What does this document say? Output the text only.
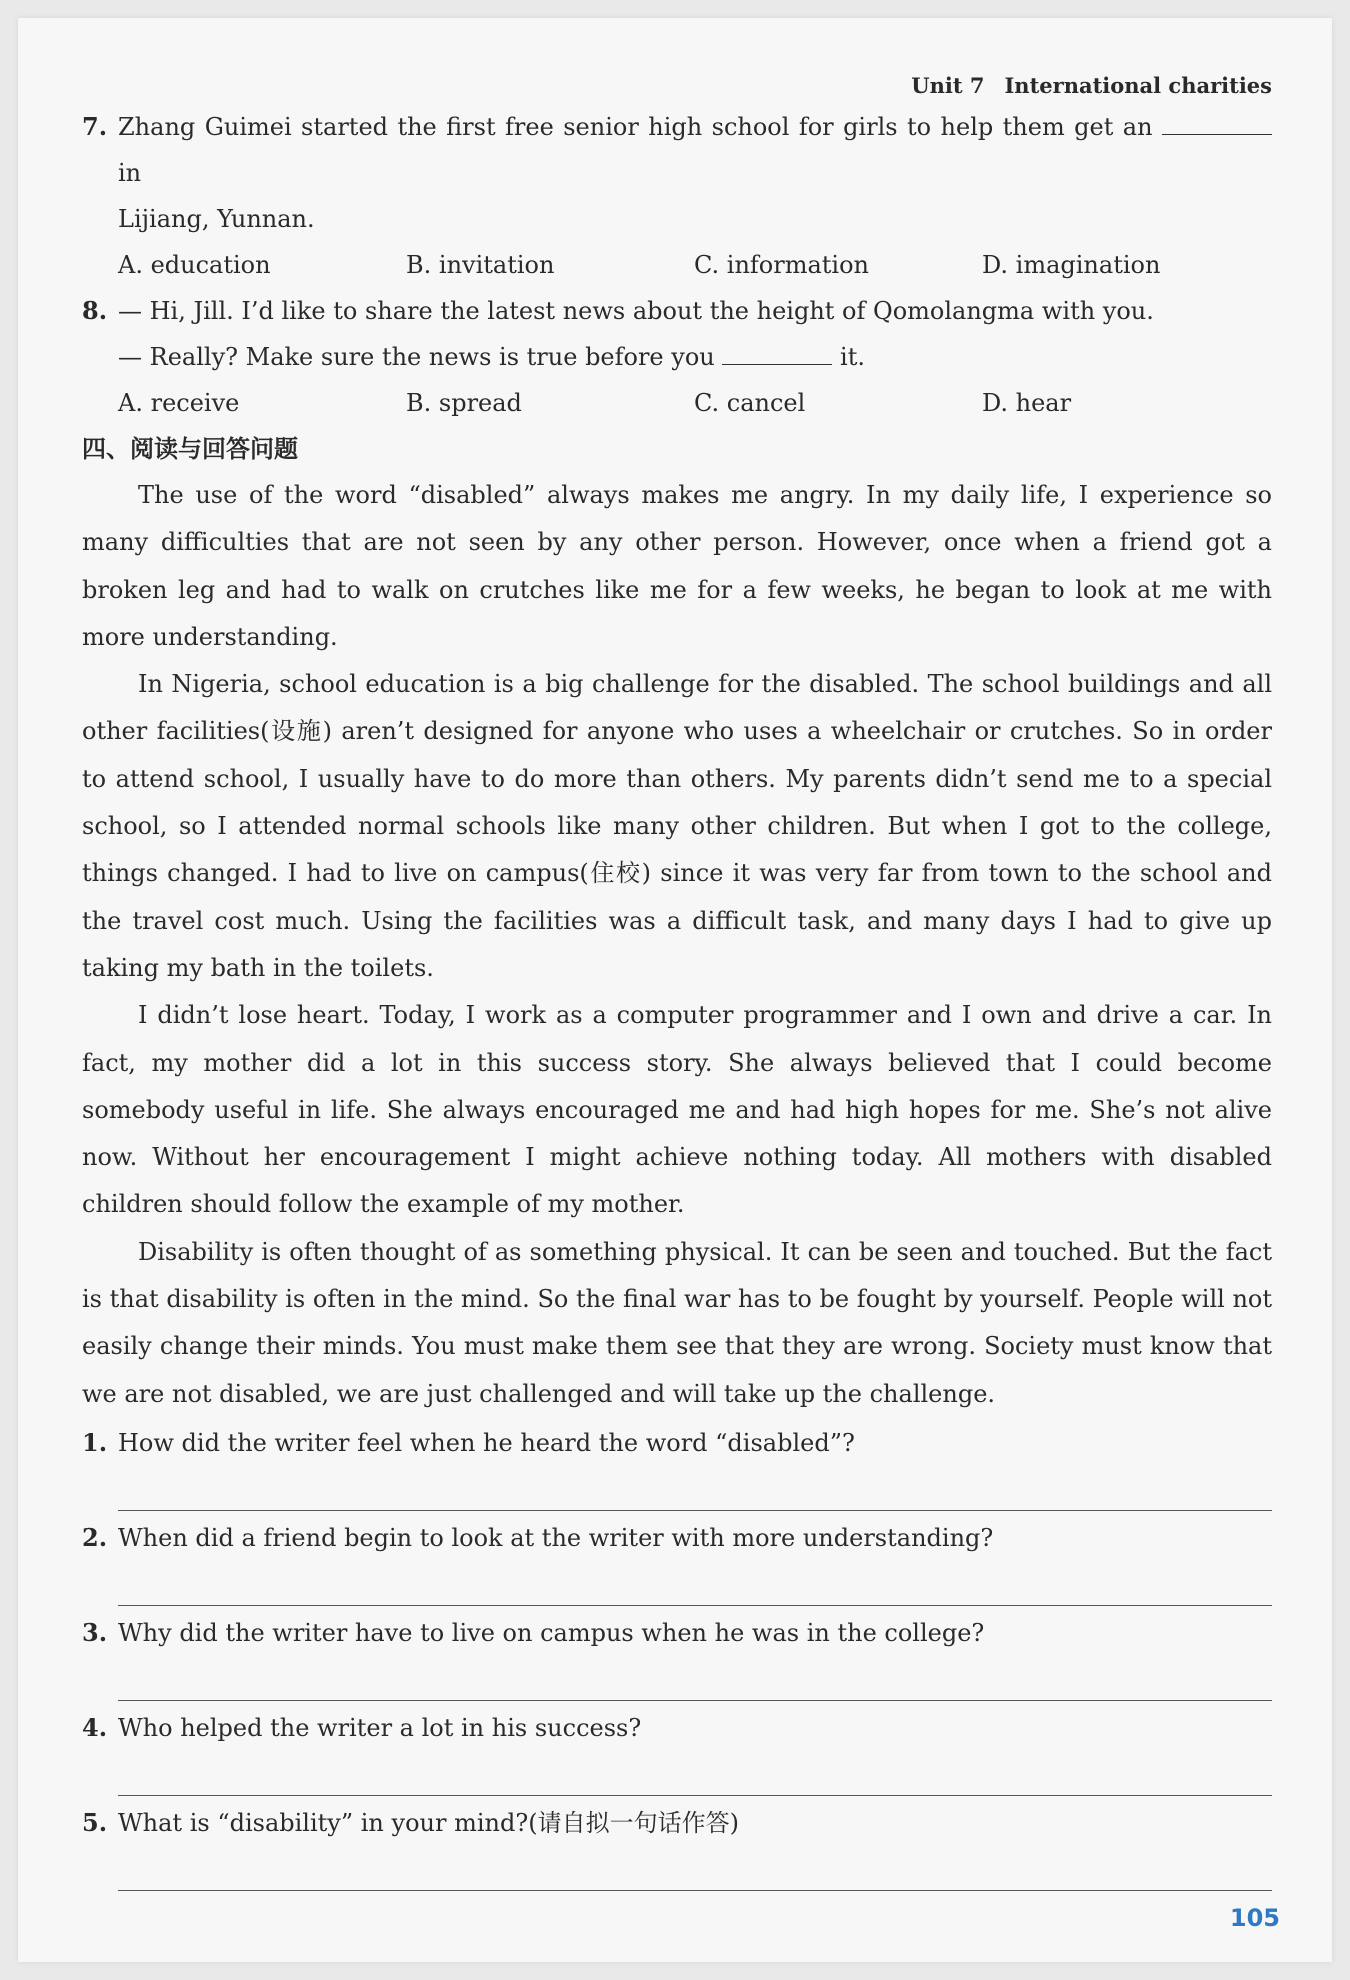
Unit 7 International charities
7. Zhang Guimei started the first free senior high school for girls to help them get an  in
Lijiang, Yunnan.
A. education	B. invitation	C. information	D. imagination
8. — Hi, Jill. I’d like to share the latest news about the height of Qomolangma with you.
— Really? Make sure the news is true before you	it.
A. receive	B. spread	C. cancel	D. hear
四、阅读与回答问题

The use of the word “disabled” always makes me angry. In my daily life, I experience so many difficulties that are not seen by any other person. However, once when a friend got a broken leg and had to walk on crutches like me for a few weeks, he began to look at me with more understanding.

In Nigeria, school education is a big challenge for the disabled. The school buildings and all other facilities(设施) aren’t designed for anyone who uses a wheelchair or crutches. So in order to attend school, I usually have to do more than others. My parents didn’t send me to a special school, so I attended normal schools like many other children. But when I got to the college, things changed. I had to live on campus(住校) since it was very far from town to the school and the travel cost much. Using the facilities was a difficult task, and many days I had to give up taking my bath in the toilets.

I didn’t lose heart. Today, I work as a computer programmer and I own and drive a car. In fact, my mother did a lot in this success story. She always believed that I could become somebody useful in life. She always encouraged me and had high hopes for me. She’s not alive now. Without her encouragement I might achieve nothing today. All mothers with disabled children should follow the example of my mother.

Disability is often thought of as something physical. It can be seen and touched. But the fact is that disability is often in the mind. So the final war has to be fought by yourself. People will not easily change their minds. You must make them see that they are wrong. Society must know that we are not disabled, we are just challenged and will take up the challenge.

1. How did the writer feel when he heard the word “disabled”?
2. When did a friend begin to look at the writer with more understanding?
3. Why did the writer have to live on campus when he was in the college?
4. Who helped the writer a lot in his success?
5. What is “disability” in your mind?(请自拟一句话作答)
105
